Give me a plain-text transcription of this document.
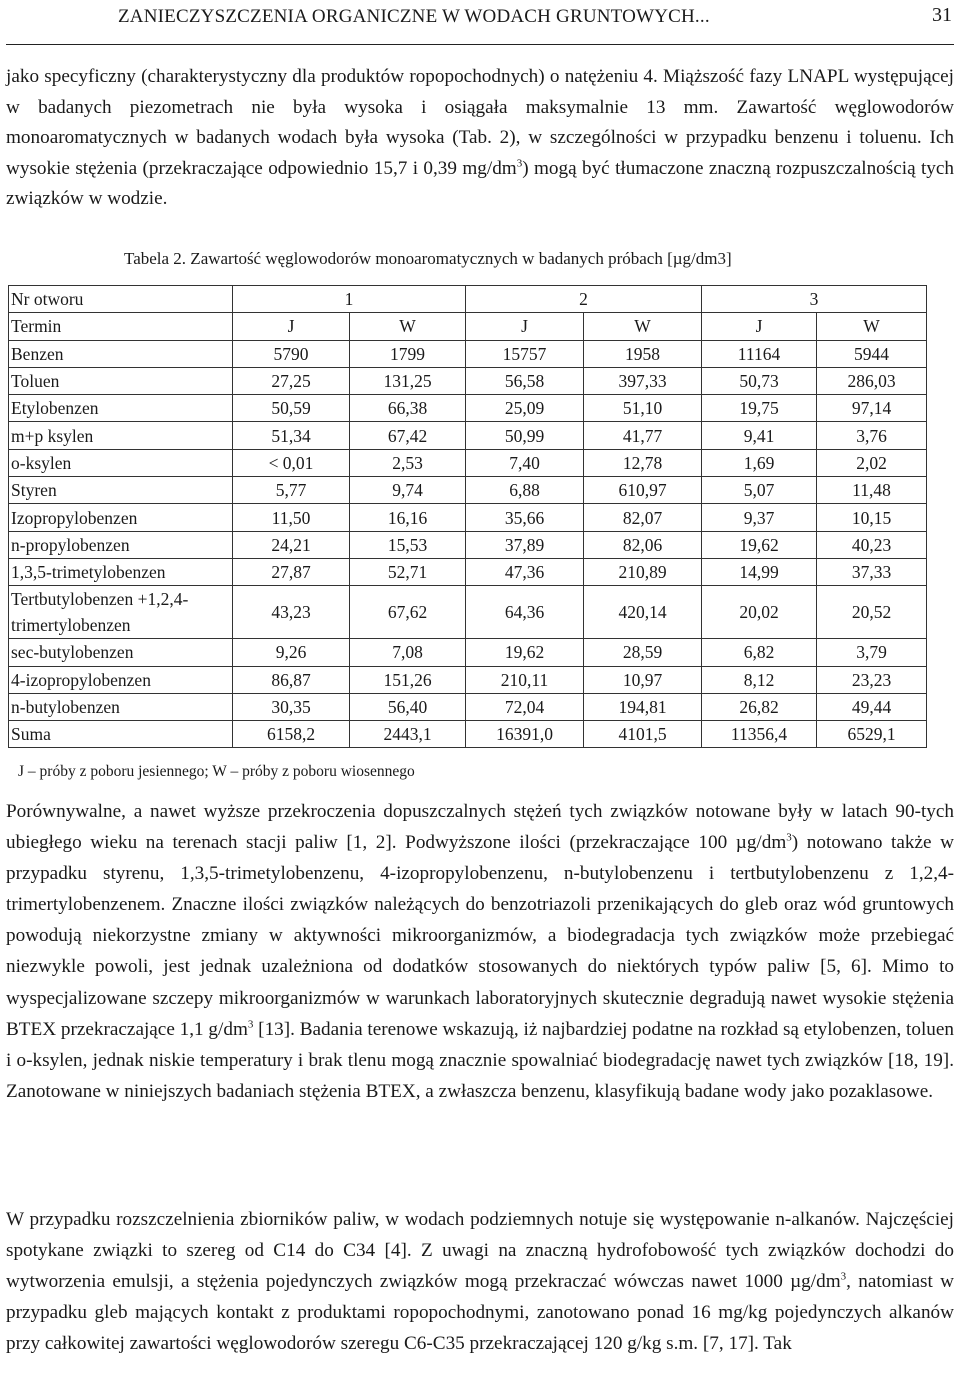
ZANIECZYSZCZENIA ORGANICZNE W WODACH GRUNTOWYCH...	31

jako specyficzny (charakterystyczny dla produktów ropopochodnych) o natężeniu 4. Miąższość fazy LNAPL występującej w badanych piezometrach nie była wysoka i osiągała maksymalnie 13 mm. Zawartość węglowodorów monoaromatycznych w badanych wodach była wysoka (Tab. 2), w szczególności w przypadku benzenu i toluenu. Ich wysokie stężenia (przekraczające odpowiednio 15,7 i 0,39 $mg/dm^3$) mogą być tłumaczone znaczną rozpuszczalnością tych związków w wodzie.

Tabela 2. Zawartość węglowodorów monoaromatycznych w badanych próbach [µg/dm3]
Nr otworu	1		2		3	
Termin	J	W	J	W	J	W
Benzen	5790	1799	15757	1958	11164	5944
Toluen	27,25	131,25	56,58	397,33	50,73	286,03
Etylobenzen	50,59	66,38	25,09	51,10	19,75	97,14
m+p ksylen	51,34	67,42	50,99	41,77	9,41	3,76
o-ksylen	< 0,01	2,53	7,40	12,78	1,69	2,02
Styren	5,77	9,74	6,88	610,97	5,07	11,48
Izopropylobenzen	11,50	16,16	35,66	82,07	9,37	10,15
n-propylobenzen	24,21	15,53	37,89	82,06	19,62	40,23
1,3,5-trimetylobenzen	27,87	52,71	47,36	210,89	14,99	37,33
Tertbutylobenzen +1,2,4-trimertylobenzen	43,23	67,62	64,36	420,14	20,02	20,52
sec-butylobenzen	9,26	7,08	19,62	28,59	6,82	3,79
4-izopropylobenzen	86,87	151,26	210,11	10,97	8,12	23,23
n-butylobenzen	30,35	56,40	72,04	194,81	26,82	49,44
Suma	6158,2	2443,1	16391,0	4101,5	11356,4	6529,1
J – próby z poboru jesiennego; W – próby z poboru wiosennego

Porównywalne, a nawet wyższe przekroczenia dopuszczalnych stężeń tych związków notowane były w latach 90-tych ubiegłego wieku na terenach stacji paliw [1, 2]. Podwyższone ilości (przekraczające 100 $\mu g/dm^3$) notowano także w przypadku styrenu, 1,3,5-trimetylobenzenu, 4-izopropylobenzenu, n-butylobenzenu i tertbutylobenzenu z 1,2,4-trimertylobenzenem. Znaczne ilości związków należących do benzotriazoli przenikających do gleb oraz wód gruntowych powodują niekorzystne zmiany w aktywności mikroorganizmów, a biodegradacja tych związków może przebiegać niezwykle powoli, jest jednak uzależniona od dodatków stosowanych do niektórych typów paliw [5, 6]. Mimo to wyspecjalizowane szczepy mikroorganizmów w warunkach laboratoryjnych skutecznie degradują nawet wysokie stężenia BTEX przekraczające 1,1 $g/dm^3$ [13]. Badania terenowe wskazują, iż najbardziej podatne na rozkład są etylobenzen, toluen i o-ksylen, jednak niskie temperatury i brak tlenu mogą znacznie spowalniać biodegradację nawet tych związków [18, 19]. Zanotowane w niniejszych badaniach stężenia BTEX, a zwłaszcza benzenu, klasyfikują badane wody jako pozaklasowe.

W przypadku rozszczelnienia zbiorników paliw, w wodach podziemnych notuje się występowanie n-alkanów. Najczęściej spotykane związki to szereg od C14 do C34 [4]. Z uwagi na znaczną hydrofobowość tych związków dochodzi do wytworzenia emulsji, a stężenia pojedynczych związków mogą przekraczać wówczas nawet 1000 $\mu g/dm^3$, natomiast w przypadku gleb mających kontakt z produktami ropopochodnymi, zanotowano ponad 16 mg/kg pojedynczych alkanów przy całkowitej zawartości węglowodorów szeregu C6-C35 przekraczającej 120 g/kg s.m. [7, 17]. Tak
